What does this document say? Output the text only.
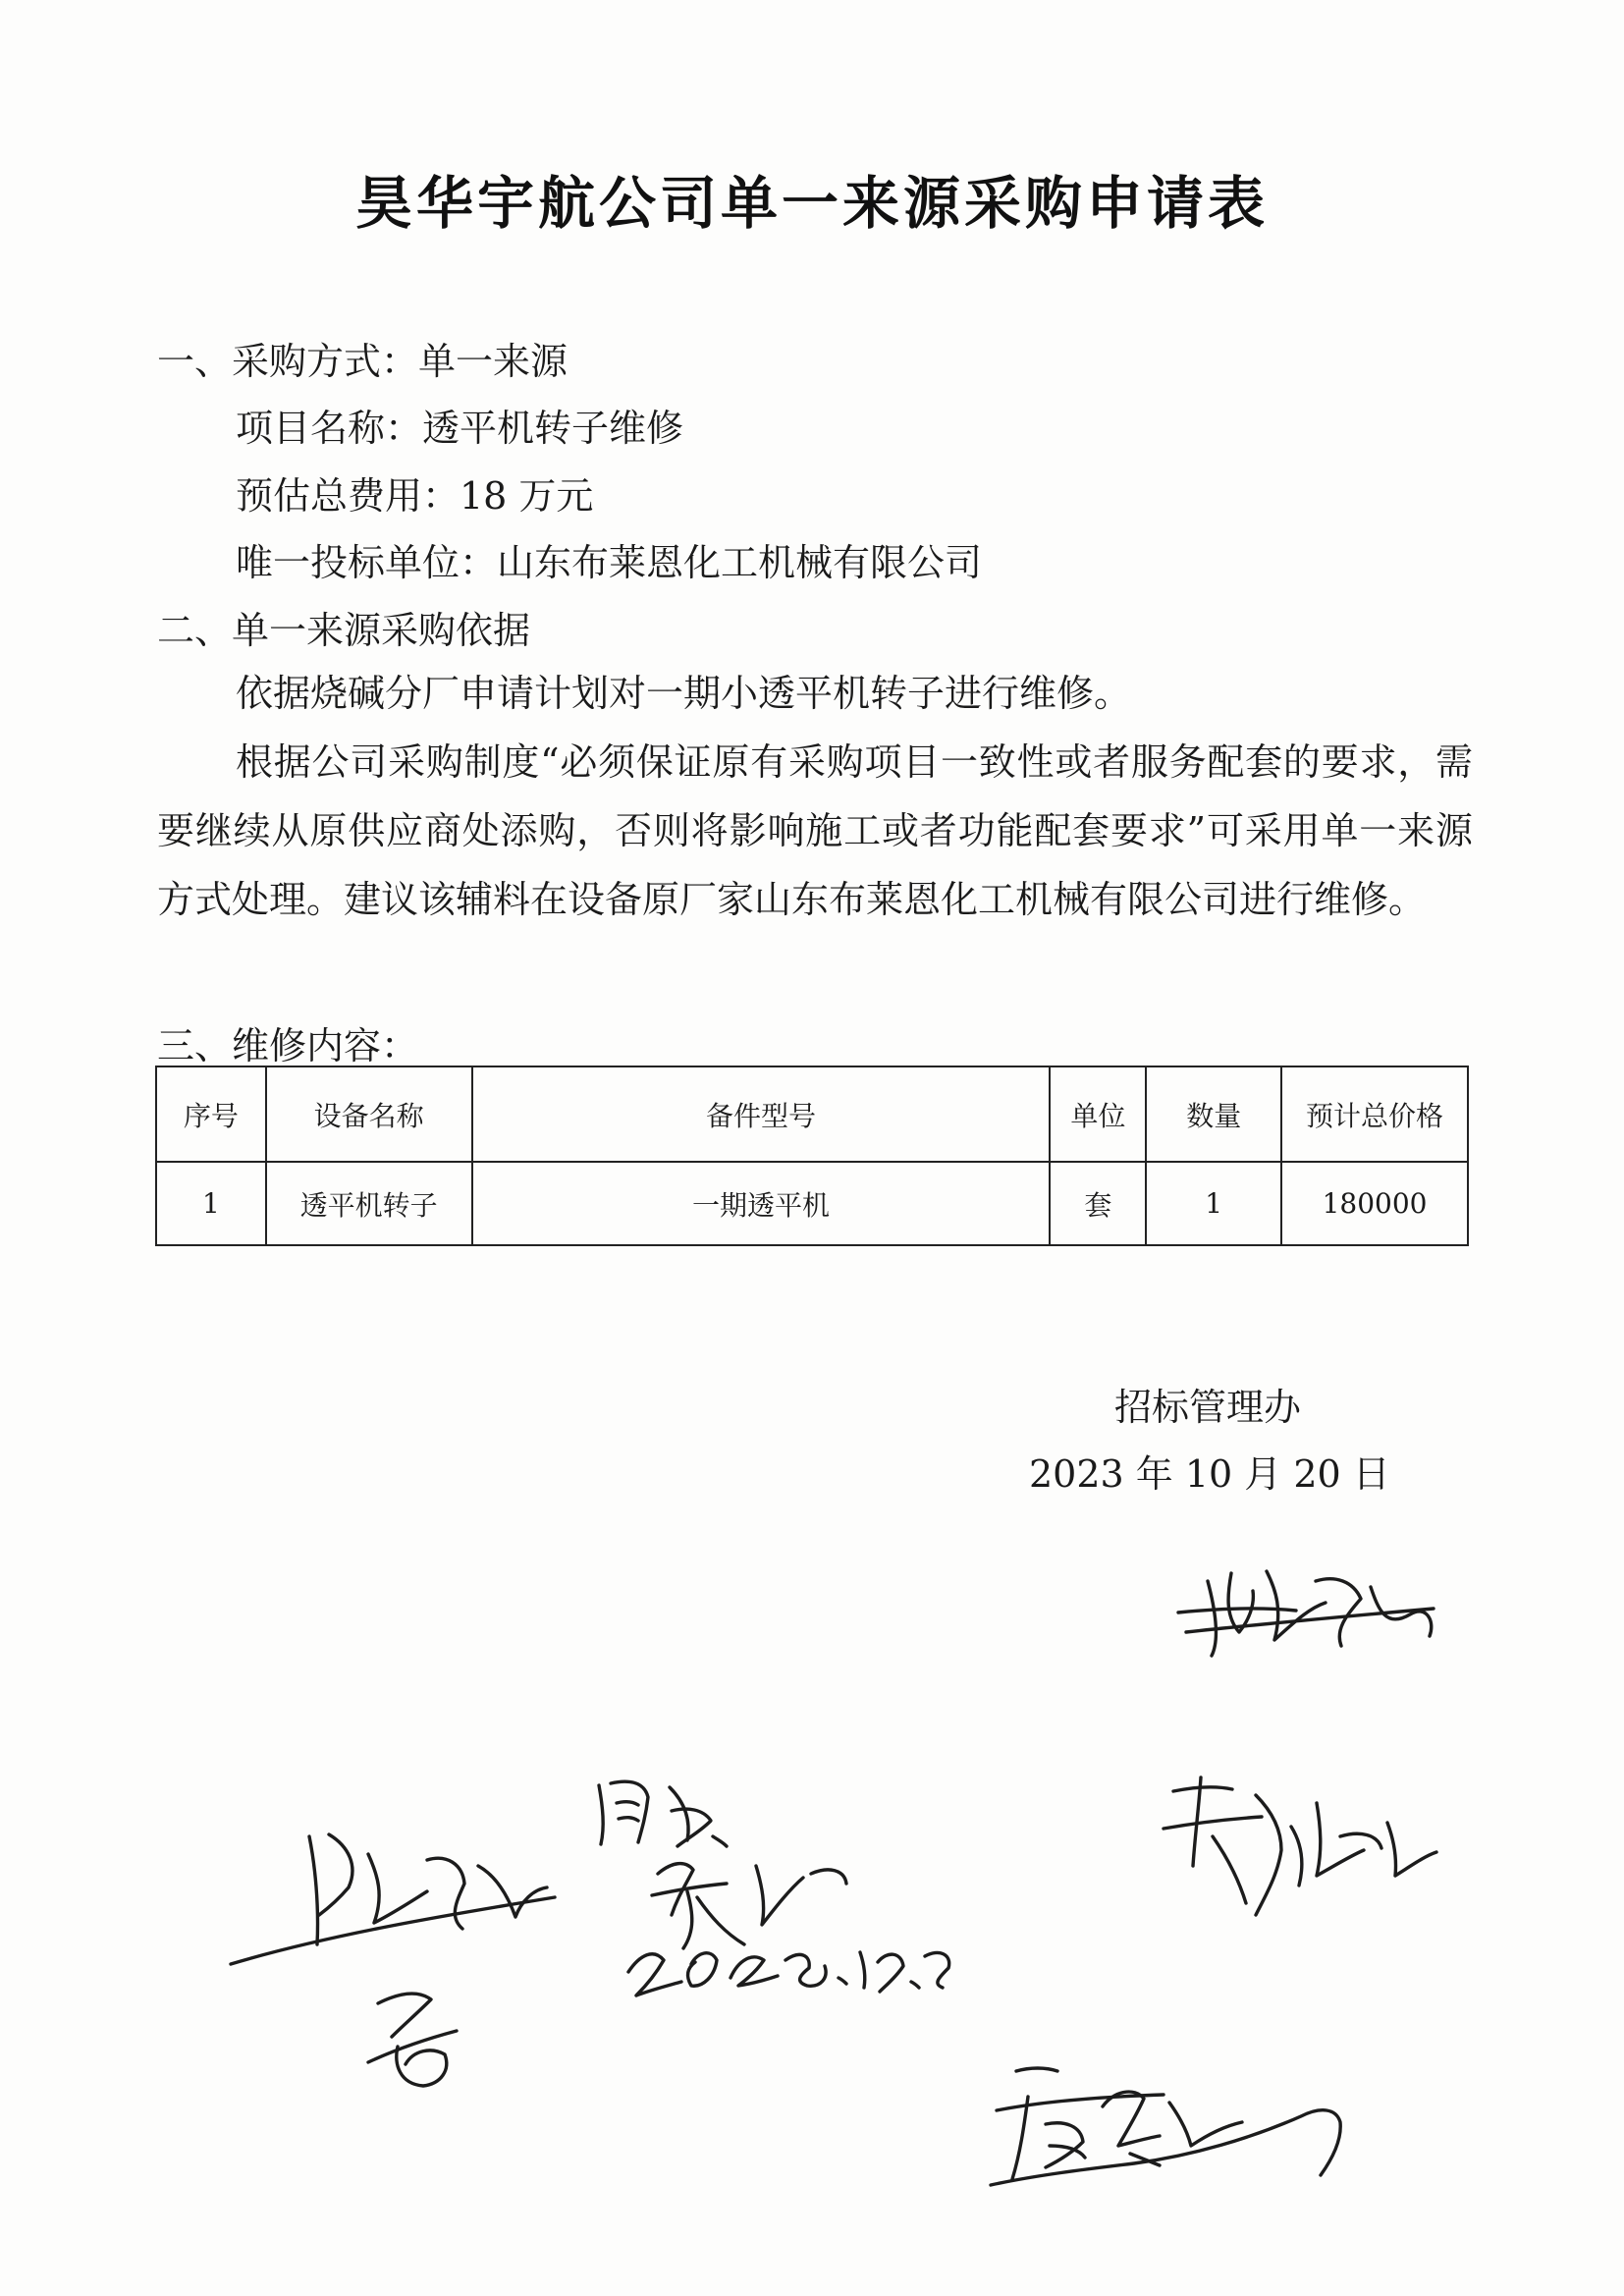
昊华宇航公司单一来源采购申请表
一、采购方式：单一来源
项目名称：透平机转子维修
预估总费用：18 万元
唯一投标单位：山东布莱恩化工机械有限公司
二、单一来源采购依据
依据烧碱分厂申请计划对一期小透平机转子进行维修。
根据公司采购制度“必须保证原有采购项目一致性或者服务配套的要求，需要继续从原供应商处添购，否则将影响施工或者功能配套要求”可采用单一来源方式处理。建议该辅料在设备原厂家山东布莱恩化工机械有限公司进行维修。
三、维修内容：
序号	设备名称	备件型号	单位	数量	预计总价格
1	透平机转子	一期透平机	套	1	180000
招标管理办
2023 年 10 月 20 日
